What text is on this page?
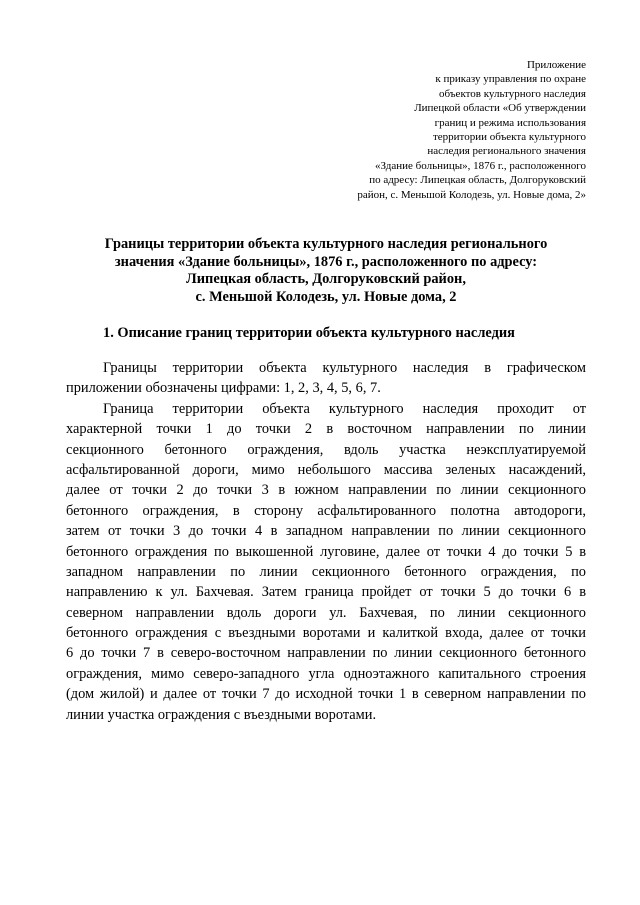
Приложение
к приказу управления по охране
объектов культурного наследия
Липецкой области «Об утверждении
границ и режима использования
территории объекта культурного
наследия регионального значения
«Здание больницы», 1876 г., расположенного
по адресу: Липецкая область, Долгоруковский
район, с. Меньшой Колодезь, ул. Новые дома, 2»
Границы территории объекта культурного наследия регионального
значения «Здание больницы», 1876 г., расположенного по адресу:
Липецкая область, Долгоруковский район,
с. Меньшой Колодезь, ул. Новые дома, 2
1. Описание границ территории объекта культурного наследия
Границы территории объекта культурного наследия в графическом
приложении обозначены цифрами: 1, 2, 3, 4, 5, 6, 7.
Граница территории объекта культурного наследия проходит от
характерной точки 1 до точки 2 в восточном направлении по линии
секционного бетонного ограждения, вдоль участка неэксплуатируемой
асфальтированной дороги, мимо небольшого массива зеленых насаждений,
далее от точки 2 до точки 3 в южном направлении по линии секционного
бетонного ограждения, в сторону асфальтированного полотна автодороги,
затем от точки 3 до точки 4 в западном направлении по линии секционного
бетонного ограждения по выкошенной луговине, далее от точки 4 до точки 5 в
западном направлении по линии секционного бетонного ограждения, по
направлению к ул. Бахчевая. Затем граница пройдет от точки 5 до точки 6 в
северном направлении вдоль дороги ул. Бахчевая, по линии секционного
бетонного ограждения с въездными воротами и калиткой входа, далее от точки
6 до точки 7 в северо-восточном направлении по линии секционного бетонного
ограждения, мимо северо-западного угла одноэтажного капитального строения
(дом жилой) и далее от точки 7 до исходной точки 1 в северном направлении по
линии участка ограждения с въездными воротами.
